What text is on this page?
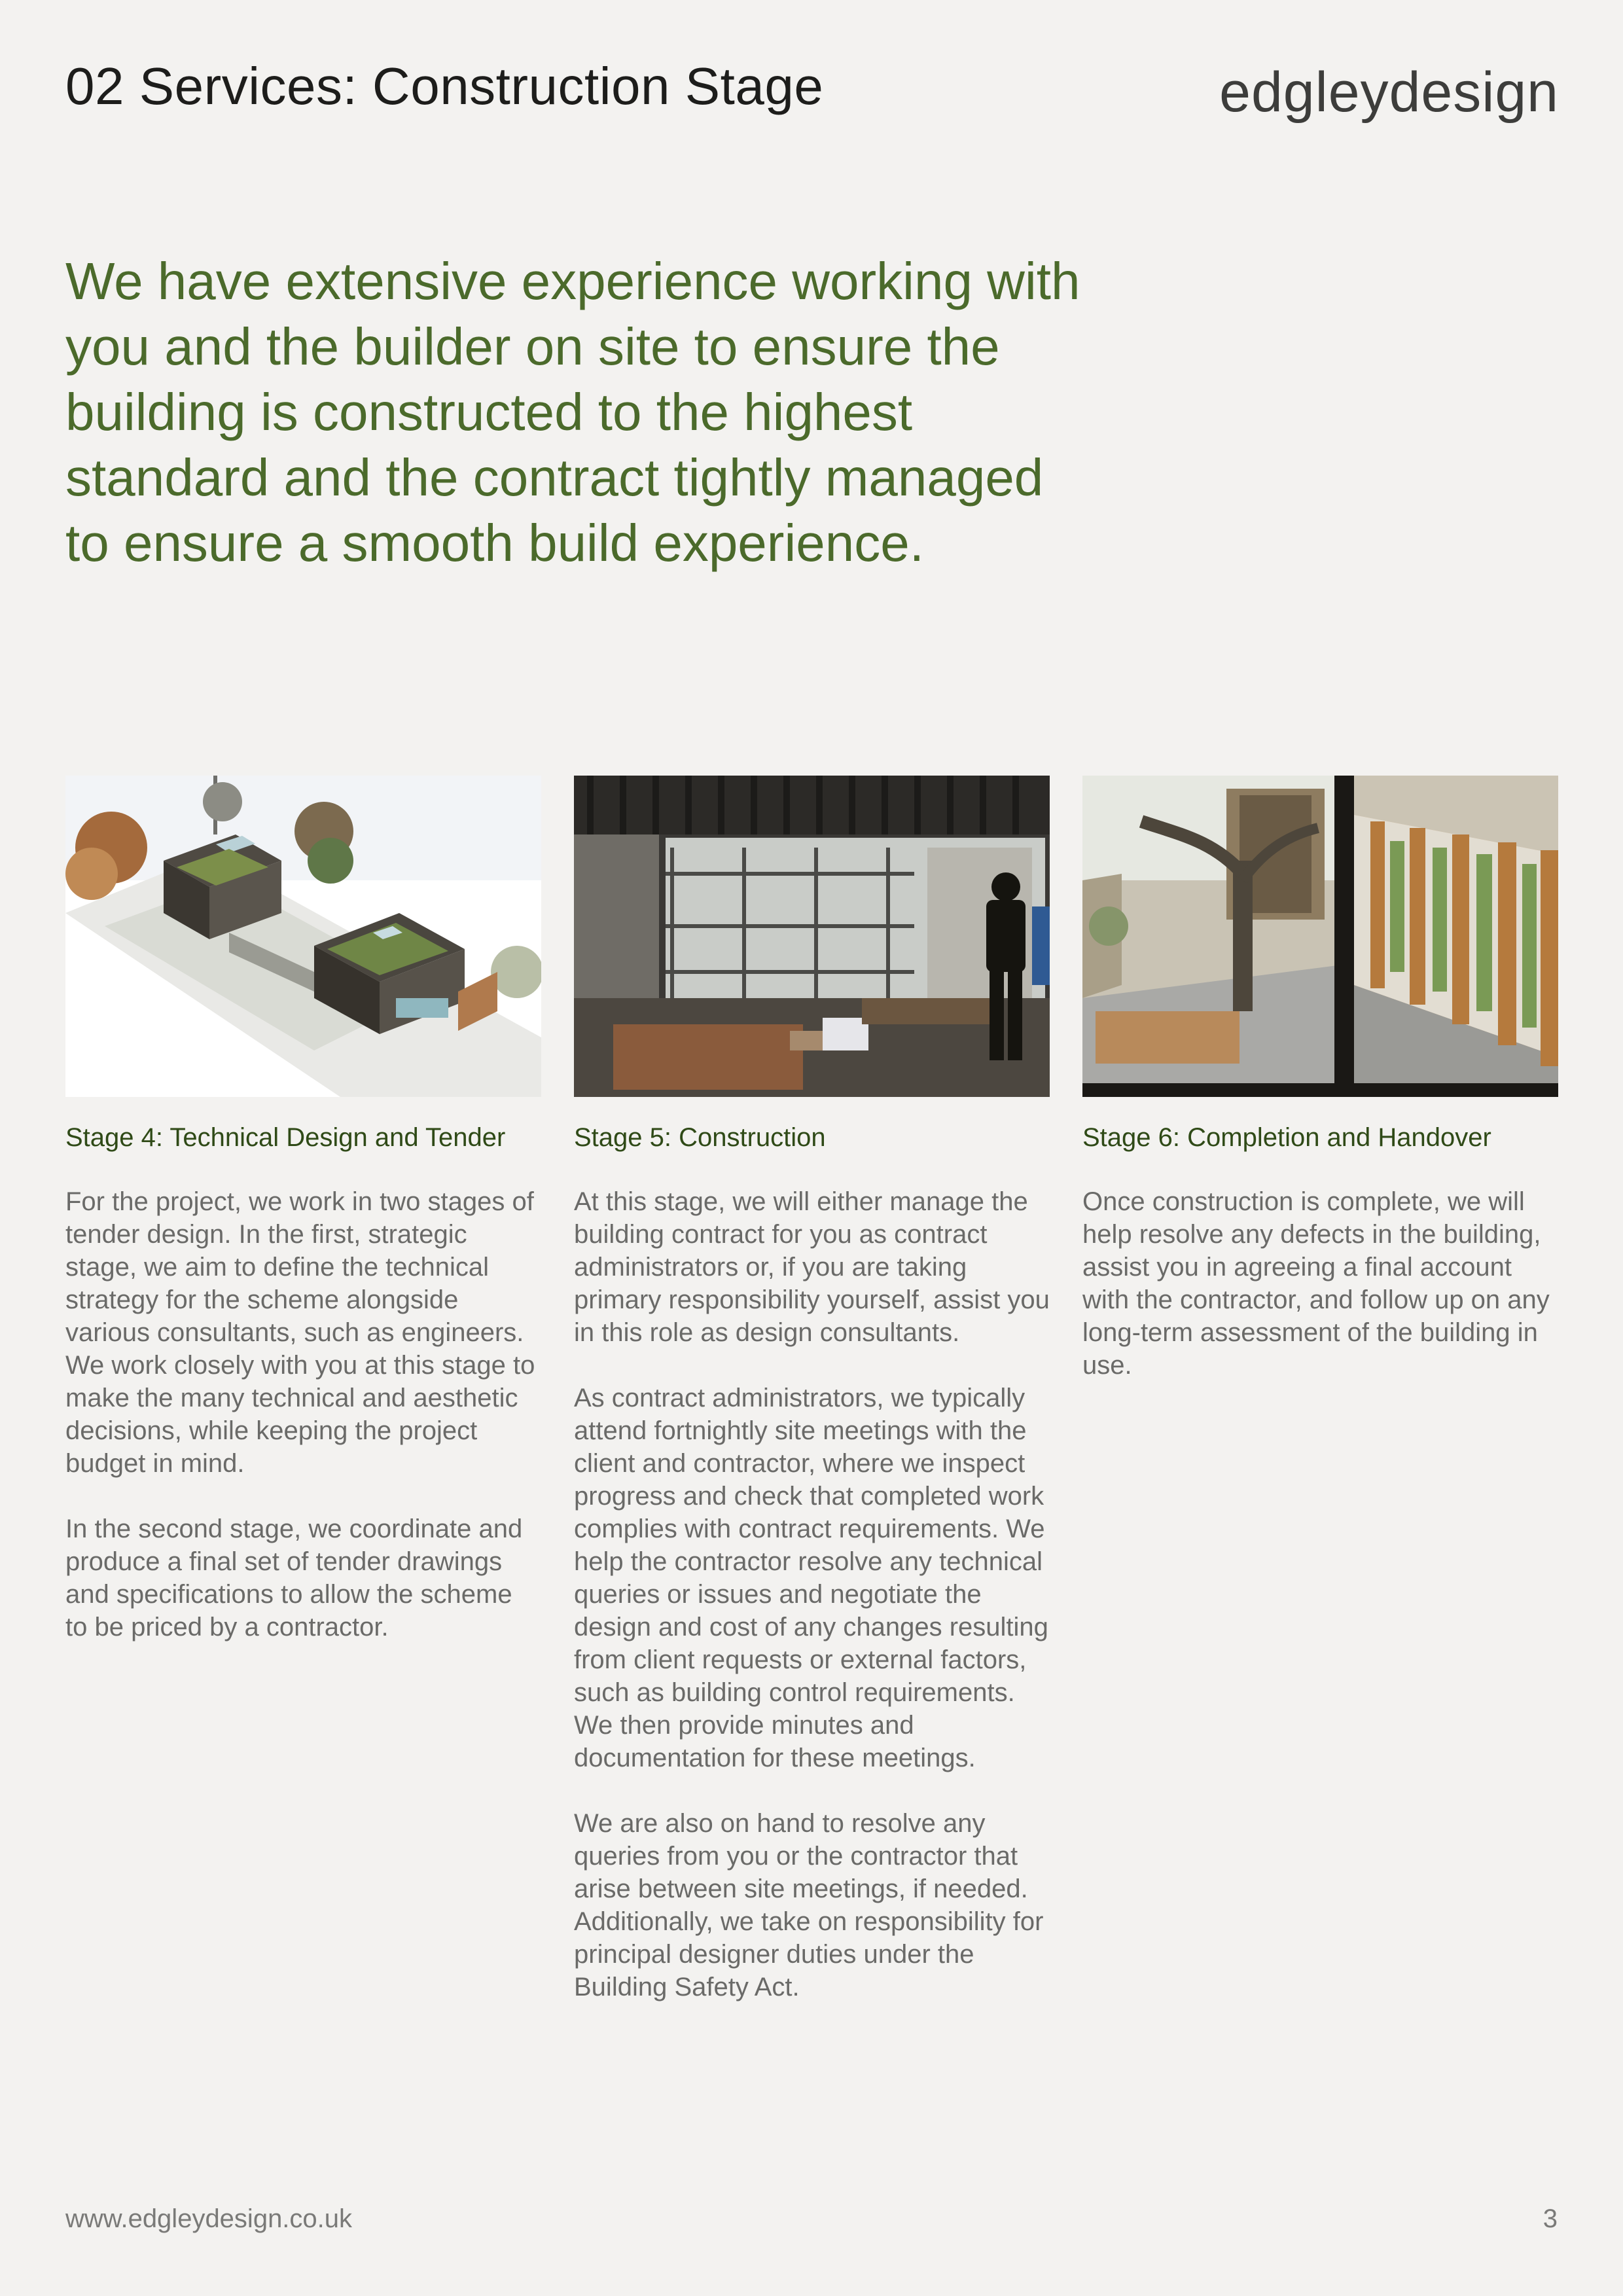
02 Services: Construction Stage	edgleydesign

We have extensive experience working with you and the builder on site to ensure the building is constructed to the highest standard and the contract tightly managed to ensure a smooth build experience.

Stage 4: Technical Design and Tender

For the project, we work in two stages of tender design. In the first, strategic stage, we aim to define the technical strategy for the scheme alongside various consultants, such as engineers. We work closely with you at this stage to make the many technical and aesthetic decisions, while keeping the project budget in mind.

In the second stage, we coordinate and produce a final set of tender drawings and specifications to allow the scheme to be priced by a contractor.

Stage 5: Construction

At this stage, we will either manage the building contract for you as contract administrators or, if you are taking primary responsibility yourself, assist you in this role as design consultants.

As contract administrators, we typically attend fortnightly site meetings with the client and contractor, where we inspect progress and check that completed work complies with contract requirements. We help the contractor resolve any technical queries or issues and negotiate the design and cost of any changes resulting from client requests or external factors, such as building control requirements. We then provide minutes and documentation for these meetings.

We are also on hand to resolve any queries from you or the contractor that arise between site meetings, if needed. Additionally, we take on responsibility for principal designer duties under the Building Safety Act.

Stage 6: Completion and Handover

Once construction is complete, we will help resolve any defects in the building, assist you in agreeing a final account with the contractor, and follow up on any long-term assessment of the building in use.

www.edgleydesign.co.uk	3
